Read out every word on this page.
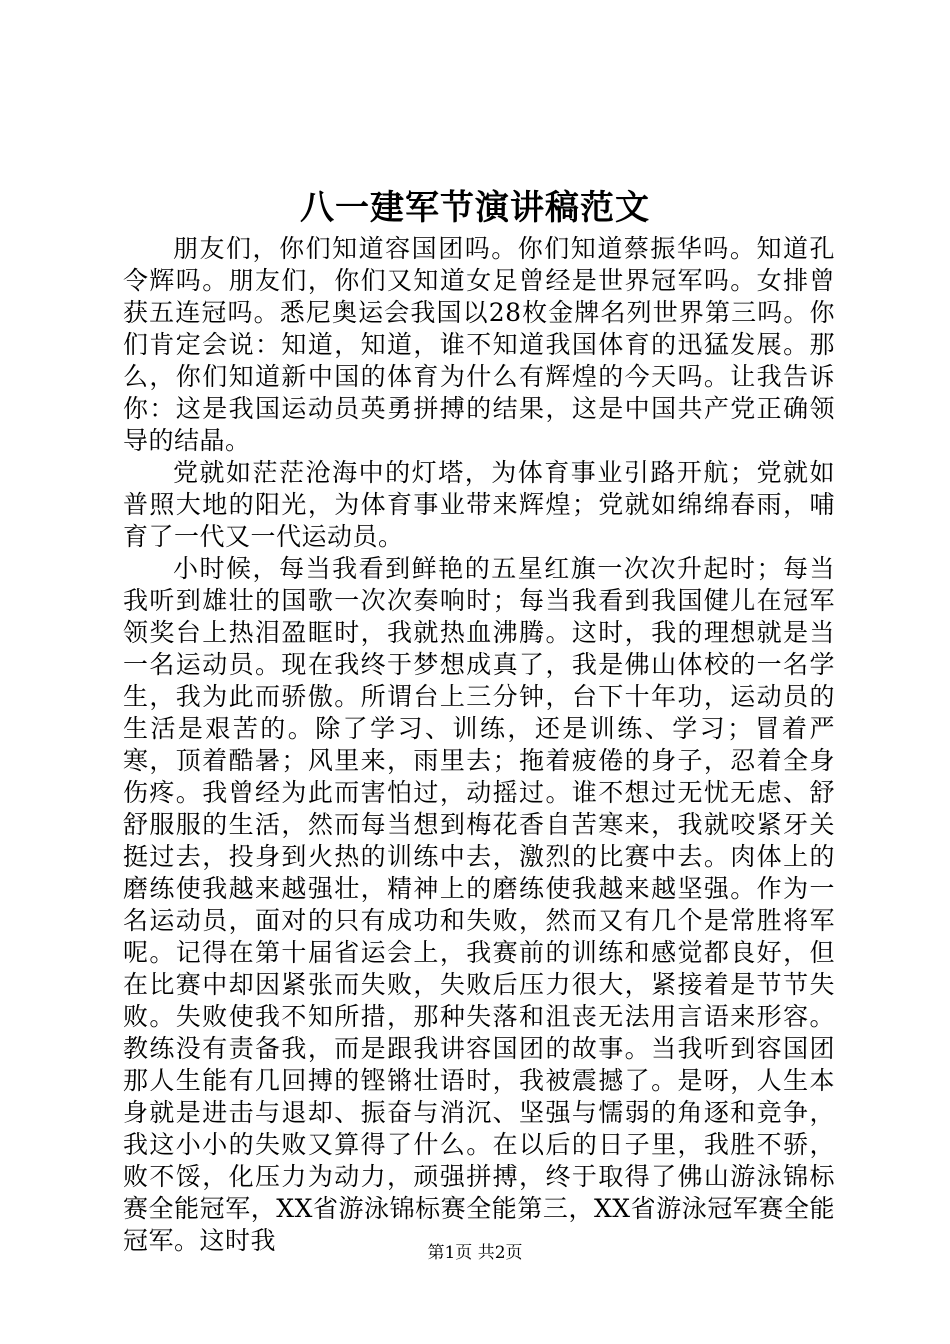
八一建军节演讲稿范文

朋友们，你们知道容国团吗。你们知道蔡振华吗。知道孔令辉吗。朋友们，你们又知道女足曾经是世界冠军吗。女排曾获五连冠吗。悉尼奥运会我国以28枚金牌名列世界第三吗。你们肯定会说：知道，知道，谁不知道我国体育的迅猛发展。那么，你们知道新中国的体育为什么有辉煌的今天吗。让我告诉你：这是我国运动员英勇拼搏的结果，这是中国共产党正确领导的结晶。

党就如茫茫沧海中的灯塔，为体育事业引路开航；党就如普照大地的阳光，为体育事业带来辉煌；党就如绵绵春雨，哺育了一代又一代运动员。

小时候，每当我看到鲜艳的五星红旗一次次升起时；每当我听到雄壮的国歌一次次奏响时；每当我看到我国健儿在冠军领奖台上热泪盈眶时，我就热血沸腾。这时，我的理想就是当一名运动员。现在我终于梦想成真了，我是佛山体校的一名学生，我为此而骄傲。所谓台上三分钟，台下十年功，运动员的生活是艰苦的。除了学习、训练，还是训练、学习；冒着严寒，顶着酷暑；风里来，雨里去；拖着疲倦的身子，忍着全身伤疼。我曾经为此而害怕过，动摇过。谁不想过无忧无虑、舒舒服服的生活，然而每当想到梅花香自苦寒来，我就咬紧牙关挺过去，投身到火热的训练中去，激烈的比赛中去。肉体上的磨练使我越来越强壮，精神上的磨练使我越来越坚强。作为一名运动员，面对的只有成功和失败，然而又有几个是常胜将军呢。记得在第十届省运会上，我赛前的训练和感觉都良好，但在比赛中却因紧张而失败，失败后压力很大，紧接着是节节失败。失败使我不知所措，那种失落和沮丧无法用言语来形容。教练没有责备我，而是跟我讲容国团的故事。当我听到容国团那人生能有几回搏的铿锵壮语时，我被震撼了。是呀，人生本身就是进击与退却、振奋与消沉、坚强与懦弱的角逐和竞争，我这小小的失败又算得了什么。在以后的日子里，我胜不骄，败不馁，化压力为动力，顽强拼搏，终于取得了佛山游泳锦标赛全能冠军，XX省游泳锦标赛全能第三，XX省游泳冠军赛全能冠军。这时我	第1页 共2页
